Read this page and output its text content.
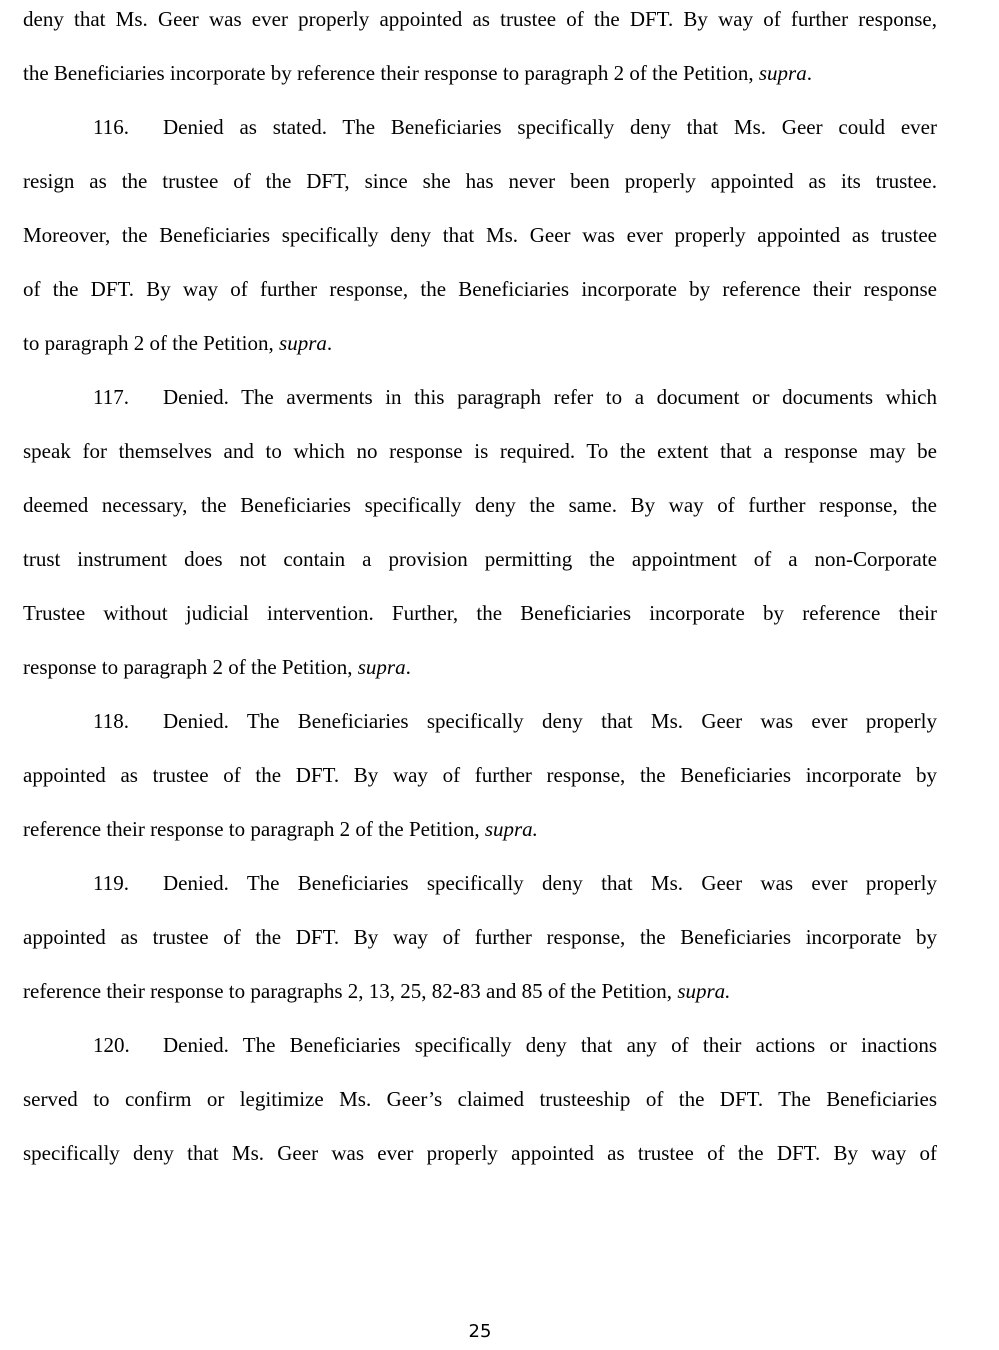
deny that Ms. Geer was ever properly appointed as trustee of the DFT. By way of further response,
the Beneficiaries incorporate by reference their response to paragraph 2 of the Petition, supra.
116. Denied as stated. The Beneficiaries specifically deny that Ms. Geer could ever
resign as the trustee of the DFT, since she has never been properly appointed as its trustee.
Moreover, the Beneficiaries specifically deny that Ms. Geer was ever properly appointed as trustee
of the DFT. By way of further response, the Beneficiaries incorporate by reference their response
to paragraph 2 of the Petition, supra.
117. Denied. The averments in this paragraph refer to a document or documents which
speak for themselves and to which no response is required. To the extent that a response may be
deemed necessary, the Beneficiaries specifically deny the same. By way of further response, the
trust instrument does not contain a provision permitting the appointment of a non-Corporate
Trustee without judicial intervention. Further, the Beneficiaries incorporate by reference their
response to paragraph 2 of the Petition, supra.
118. Denied. The Beneficiaries specifically deny that Ms. Geer was ever properly
appointed as trustee of the DFT. By way of further response, the Beneficiaries incorporate by
reference their response to paragraph 2 of the Petition, supra.
119. Denied. The Beneficiaries specifically deny that Ms. Geer was ever properly
appointed as trustee of the DFT. By way of further response, the Beneficiaries incorporate by
reference their response to paragraphs 2, 13, 25, 82-83 and 85 of the Petition, supra.
120. Denied. The Beneficiaries specifically deny that any of their actions or inactions
served to confirm or legitimize Ms. Geer’s claimed trusteeship of the DFT. The Beneficiaries
specifically deny that Ms. Geer was ever properly appointed as trustee of the DFT. By way of
25
